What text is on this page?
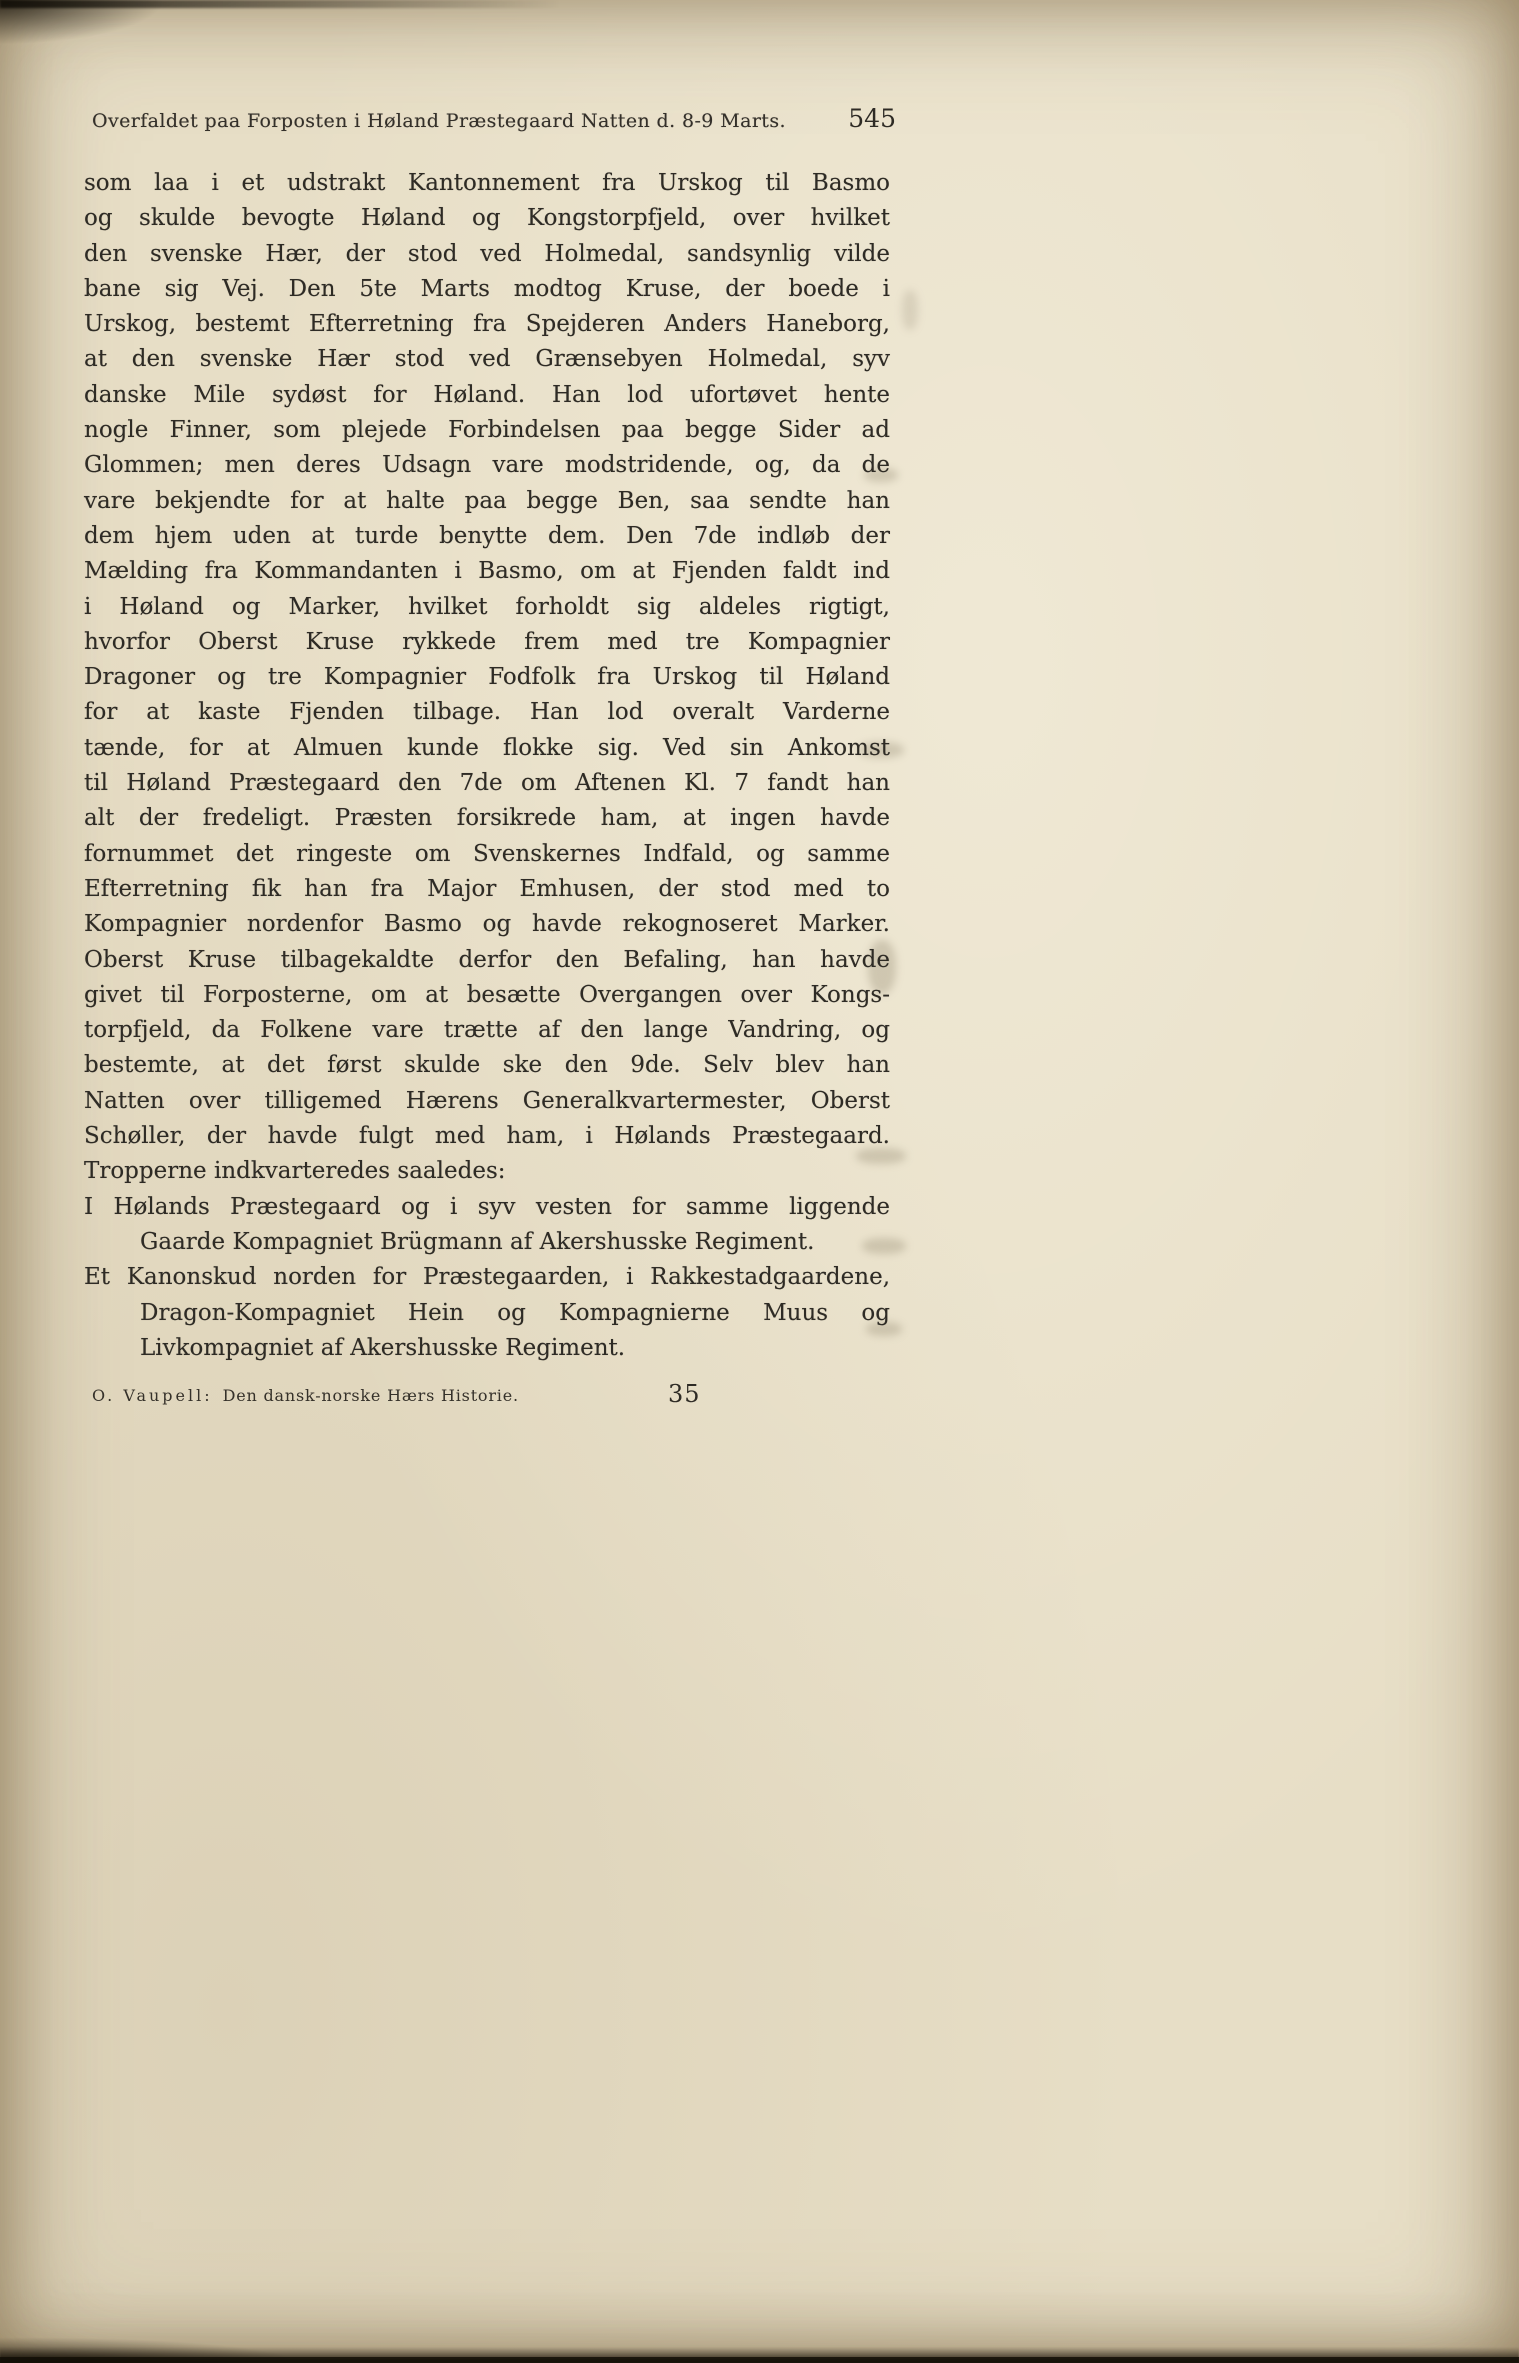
Overfaldet paa Forposten i Høland Præstegaard Natten d. 8-9 Marts. 545
som laa i et udstrakt Kantonnement fra Urskog til Basmo
og skulde bevogte Høland og Kongstorpfjeld, over hvilket
den svenske Hær, der stod ved Holmedal, sandsynlig vilde
bane sig Vej. Den 5te Marts modtog Kruse, der boede i
Urskog, bestemt Efterretning fra Spejderen Anders Haneborg,
at den svenske Hær stod ved Grænsebyen Holmedal, syv
danske Mile sydøst for Høland. Han lod ufortøvet hente
nogle Finner, som plejede Forbindelsen paa begge Sider ad
Glommen; men deres Udsagn vare modstridende, og, da de
vare bekjendte for at halte paa begge Ben, saa sendte han
dem hjem uden at turde benytte dem. Den 7de indløb der
Mælding fra Kommandanten i Basmo, om at Fjenden faldt ind
i Høland og Marker, hvilket forholdt sig aldeles rigtigt,
hvorfor Oberst Kruse rykkede frem med tre Kompagnier
Dragoner og tre Kompagnier Fodfolk fra Urskog til Høland
for at kaste Fjenden tilbage. Han lod overalt Varderne
tænde, for at Almuen kunde flokke sig. Ved sin Ankomst
til Høland Præstegaard den 7de om Aftenen Kl. 7 fandt han
alt der fredeligt. Præsten forsikrede ham, at ingen havde
fornummet det ringeste om Svenskernes Indfald, og samme
Efterretning fik han fra Major Emhusen, der stod med to
Kompagnier nordenfor Basmo og havde rekognoseret Marker.
Oberst Kruse tilbagekaldte derfor den Befaling, han havde
givet til Forposterne, om at besætte Overgangen over Kongs-
torpfjeld, da Folkene vare trætte af den lange Vandring, og
bestemte, at det først skulde ske den 9de. Selv blev han
Natten over tilligemed Hærens Generalkvartermester, Oberst
Schøller, der havde fulgt med ham, i Hølands Præstegaard.
Tropperne indkvarteredes saaledes:
I Hølands Præstegaard og i syv vesten for samme liggende
Gaarde Kompagniet Brügmann af Akershusske Regiment.
Et Kanonskud norden for Præstegaarden, i Rakkestadgaardene,
Dragon-Kompagniet Hein og Kompagnierne Muus og
Livkompagniet af Akershusske Regiment.
O. Vaupell: Den dansk-norske Hærs Historie.	35
